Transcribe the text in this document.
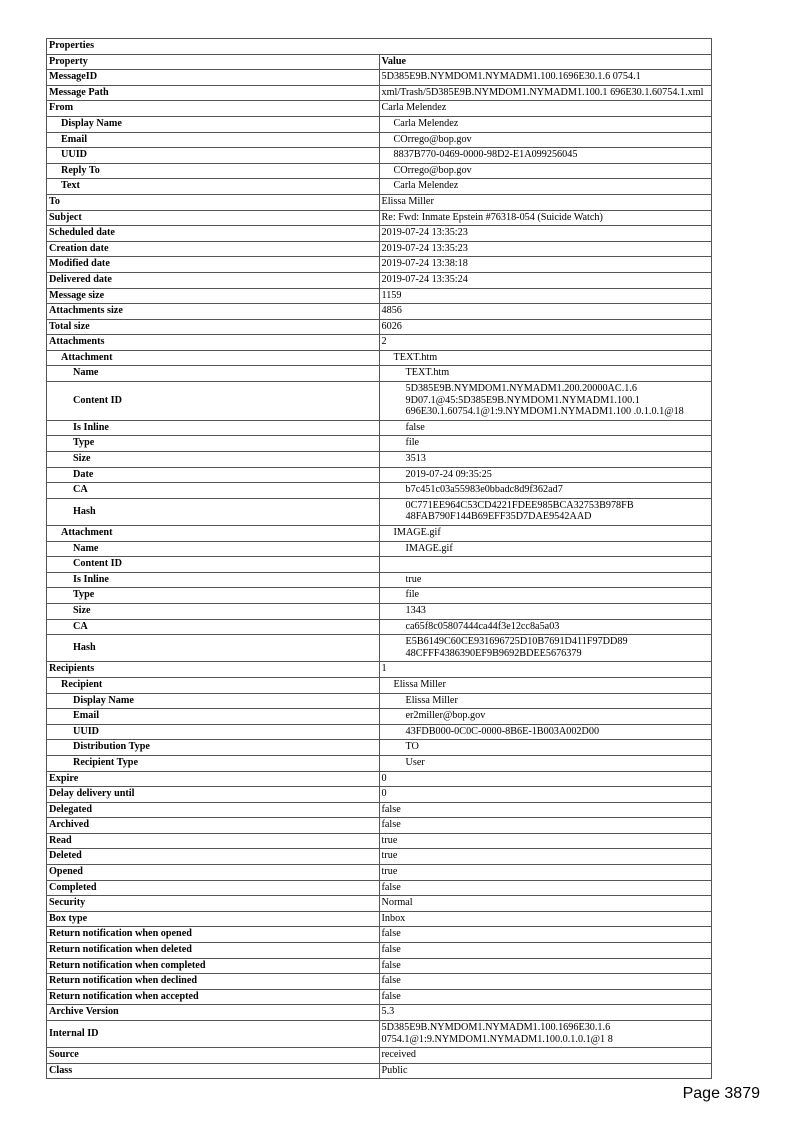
Properties	
Property	Value
MessageID	5D385E9B.NYMDOM1.NYMADM1.100.1696E30.1.6 0754.1
Message Path	xml/Trash/5D385E9B.NYMDOM1.NYMADM1.100.1 696E30.1.60754.1.xml
From	Carla Melendez
Display Name	Carla Melendez
Email	COrrego@bop.gov
UUID	8837B770-0469-0000-98D2-E1A099256045
Reply To	COrrego@bop.gov
Text	Carla Melendez
To	Elissa Miller
Subject	Re: Fwd: Inmate Epstein #76318-054 (Suicide Watch)
Scheduled date	2019-07-24 13:35:23
Creation date	2019-07-24 13:35:23
Modified date	2019-07-24 13:38:18
Delivered date	2019-07-24 13:35:24
Message size	1159
Attachments size	4856
Total size	6026
Attachments	2
Attachment	TEXT.htm
Name	TEXT.htm
Content ID	5D385E9B.NYMDOM1.NYMADM1.200.20000AC.1.6
9D07.1@45:5D385E9B.NYMDOM1.NYMADM1.100.1
696E30.1.60754.1@1:9.NYMDOM1.NYMADM1.100 .0.1.0.1@18
Is Inline	false
Type	file
Size	3513
Date	2019-07-24 09:35:25
CA	b7c451c03a55983e0bbadc8d9f362ad7
Hash	0C771EE964C53CD4221FDEE985BCA32753B978FB 48FAB790F144B69EFF35D7DAE9542AAD
Attachment	IMAGE.gif
Name	IMAGE.gif
Content ID	
Is Inline	true
Type	file
Size	1343
CA	ca65f8c05807444ca44f3e12cc8a5a03
Hash	E5B6149C60CE931696725D10B7691D411F97DD89 48CFFF4386390EF9B9692BDEE5676379
Recipients	1
Recipient	Elissa Miller
Display Name	Elissa Miller
Email	er2miller@bop.gov
UUID	43FDB000-0C0C-0000-8B6E-1B003A002D00
Distribution Type	TO
Recipient Type	User
Expire	0
Delay delivery until	0
Delegated	false
Archived	false
Read	true
Deleted	true
Opened	true
Completed	false
Security	Normal
Box type	Inbox
Return notification when opened	false
Return notification when deleted	false
Return notification when completed	false
Return notification when declined	false
Return notification when accepted	false
Archive Version	5.3
Internal ID	5D385E9B.NYMDOM1.NYMADM1.100.1696E30.1.6 0754.1@1:9.NYMDOM1.NYMADM1.100.0.1.0.1@1 8
Source	received
Class	Public
Page 3879
